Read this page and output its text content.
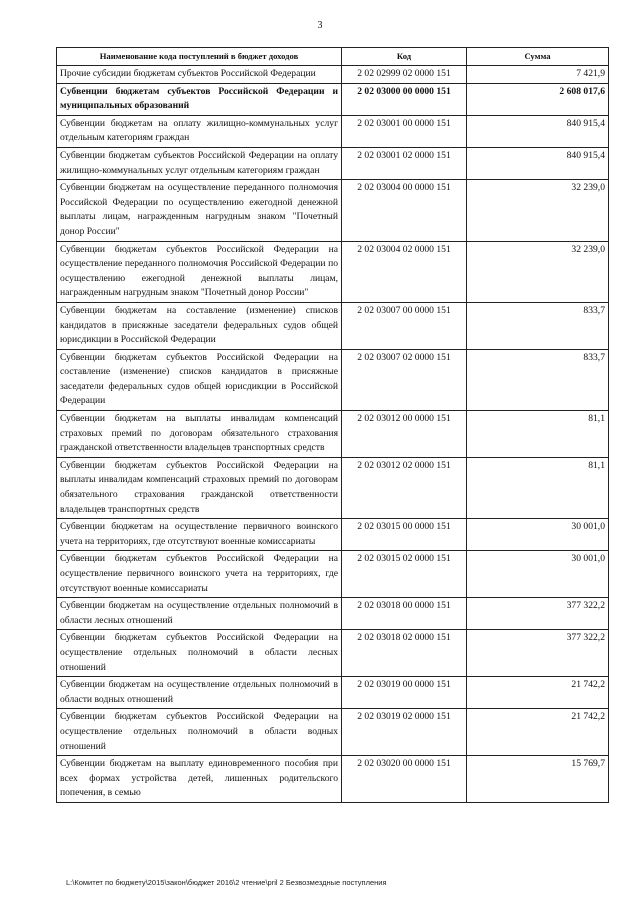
3
Наименование кода поступлений в бюджет доходов	Код	Сумма
Прочие субсидии бюджетам субъектов Российской Федерации	2 02 02999 02 0000 151	7 421,9
Субвенции бюджетам субъектов Российской Федерации и муниципальных образований	2 02 03000 00 0000 151	2 608 017,6
Субвенции бюджетам на оплату жилищно-коммунальных услуг отдельным категориям граждан	2 02 03001 00 0000 151	840 915,4
Субвенции бюджетам субъектов Российской Федерации на оплату жилищно-коммунальных услуг отдельным категориям граждан	2 02 03001 02 0000 151	840 915,4
Субвенции бюджетам на осуществление переданного полномочия Российской Федерации по осуществлению ежегодной денежной выплаты лицам, награжденным нагрудным знаком "Почетный донор России"	2 02 03004 00 0000 151	32 239,0
Субвенции бюджетам субъектов Российской Федерации на осуществление переданного полномочия Российской Федерации по осуществлению ежегодной денежной выплаты лицам, награжденным нагрудным знаком "Почетный донор России"	2 02 03004 02 0000 151	32 239,0
Субвенции бюджетам на составление (изменение) списков кандидатов в присяжные заседатели федеральных судов общей юрисдикции в Российской Федерации	2 02 03007 00 0000 151	833,7
Субвенции бюджетам субъектов Российской Федерации на составление (изменение) списков кандидатов в присяжные заседатели федеральных судов общей юрисдикции в Российской Федерации	2 02 03007 02 0000 151	833,7
Субвенции бюджетам на выплаты инвалидам компенсаций страховых премий по договорам обязательного страхования гражданской ответственности владельцев транспортных средств	2 02 03012 00 0000 151	81,1
Субвенции бюджетам субъектов Российской Федерации на выплаты инвалидам компенсаций страховых премий по договорам обязательного страхования гражданской ответственности владельцев транспортных средств	2 02 03012 02 0000 151	81,1
Субвенции бюджетам на осуществление первичного воинского учета на территориях, где отсутствуют военные комиссариаты	2 02 03015 00 0000 151	30 001,0
Субвенции бюджетам субъектов Российской Федерации на осуществление первичного воинского учета на территориях, где отсутствуют военные комиссариаты	2 02 03015 02 0000 151	30 001,0
Субвенции бюджетам на осуществление отдельных полномочий в области лесных отношений	2 02 03018 00 0000 151	377 322,2
Субвенции бюджетам субъектов Российской Федерации на осуществление отдельных полномочий в области лесных отношений	2 02 03018 02 0000 151	377 322,2
Субвенции бюджетам на осуществление отдельных полномочий в области водных отношений	2 02 03019 00 0000 151	21 742,2
Субвенции бюджетам субъектов Российской Федерации на осуществление отдельных полномочий в области водных отношений	2 02 03019 02 0000 151	21 742,2
Субвенции бюджетам на выплату единовременного пособия при всех формах устройства детей, лишенных родительского попечения, в семью	2 02 03020 00 0000 151	15 769,7
L:\Комитет по бюджету\2015\закон\бюджет 2016\2 чтение\pril 2 Безвозмездные поступления
